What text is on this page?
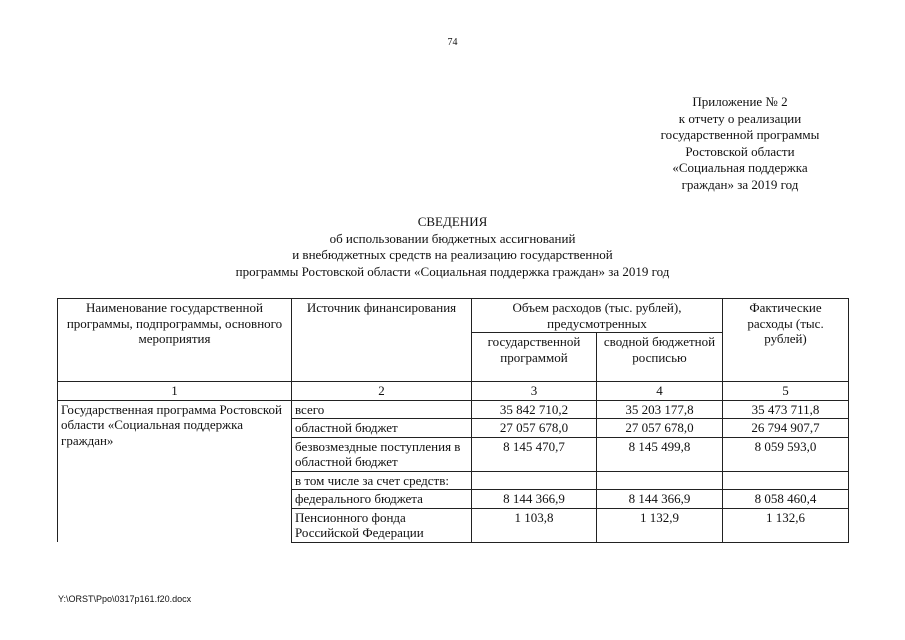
74
Приложение № 2
к отчету о реализации
государственной программы
Ростовской области
«Социальная поддержка
граждан» за 2019 год
СВЕДЕНИЯ
об использовании бюджетных ассигнований
и внебюджетных средств на реализацию государственной
программы Ростовской области «Социальная поддержка граждан» за 2019 год
Наименование государственной программы, подпрограммы, основного мероприятия	Источник финансирования	Объем расходов (тыс. рублей), предусмотренных		Фактические расходы (тыс. рублей)
		государственной программой	сводной бюджетной росписью	
1	2	3	4	5
Государственная программа Ростовской области «Социальная поддержка граждан»	всего	35 842 710,2	35 203 177,8	35 473 711,8
	областной бюджет	27 057 678,0	27 057 678,0	26 794 907,7
	безвозмездные поступления в областной бюджет	8 145 470,7	8 145 499,8	8 059 593,0
	в том числе за счет средств:			
	федерального бюджета	8 144 366,9	8 144 366,9	8 058 460,4
	Пенсионного фонда Российской Федерации	1 103,8	1 132,9	1 132,6
Y:\ORST\Ppo\0317p161.f20.docx
